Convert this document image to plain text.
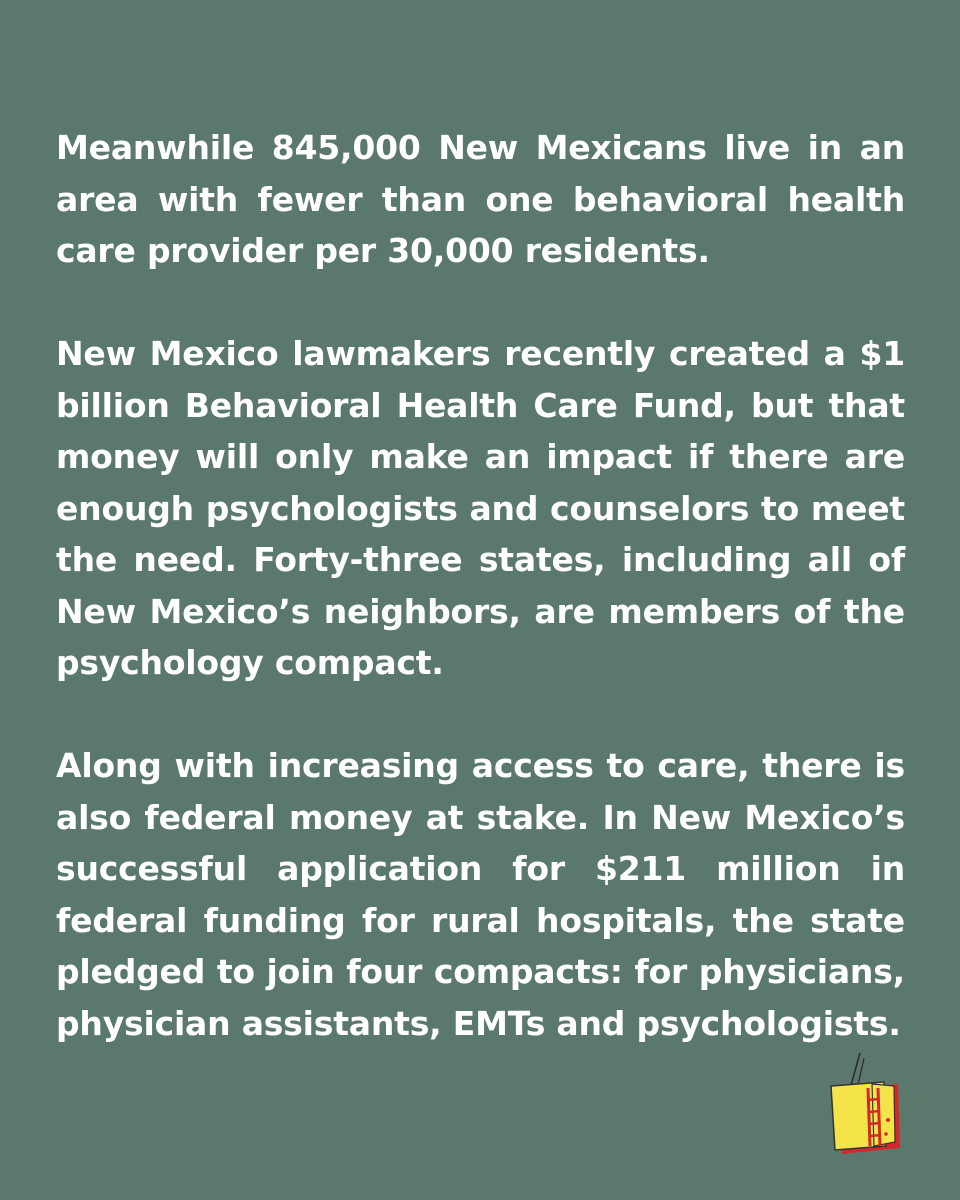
Meanwhile 845,000 New Mexicans live in an area with fewer than one behavioral health care provider per 30,000 residents.

New Mexico lawmakers recently created a $1 billion Behavioral Health Care Fund, but that money will only make an impact if there are enough psychologists and counselors to meet the need. Forty-three states, including all of New Mexico’s neighbors, are members of the psychology compact.

Along with increasing access to care, there is also federal money at stake. In New Mexico’s successful application for $211 million in federal funding for rural hospitals, the state pledged to join four compacts: for physicians, physician assistants, EMTs and psychologists.
